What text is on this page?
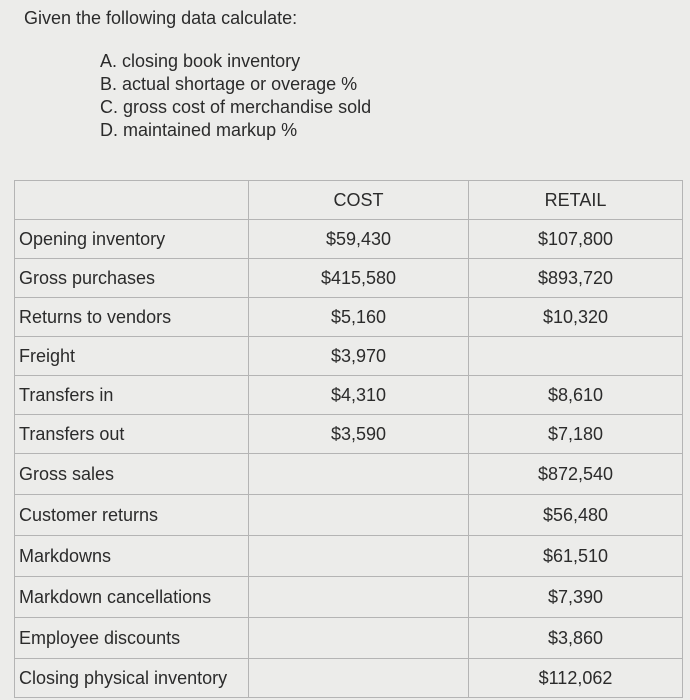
Given the following data calculate:
A. closing book inventory
B. actual shortage or overage %
C. gross cost of merchandise sold
D. maintained markup %
	COST	RETAIL
Opening inventory	$59,430	$107,800
Gross purchases	$415,580	$893,720
Returns to vendors	$5,160	$10,320
Freight	$3,970	
Transfers in	$4,310	$8,610
Transfers out	$3,590	$7,180
Gross sales		$872,540
Customer returns		$56,480
Markdowns		$61,510
Markdown cancellations		$7,390
Employee discounts		$3,860
Closing physical inventory		$112,062
